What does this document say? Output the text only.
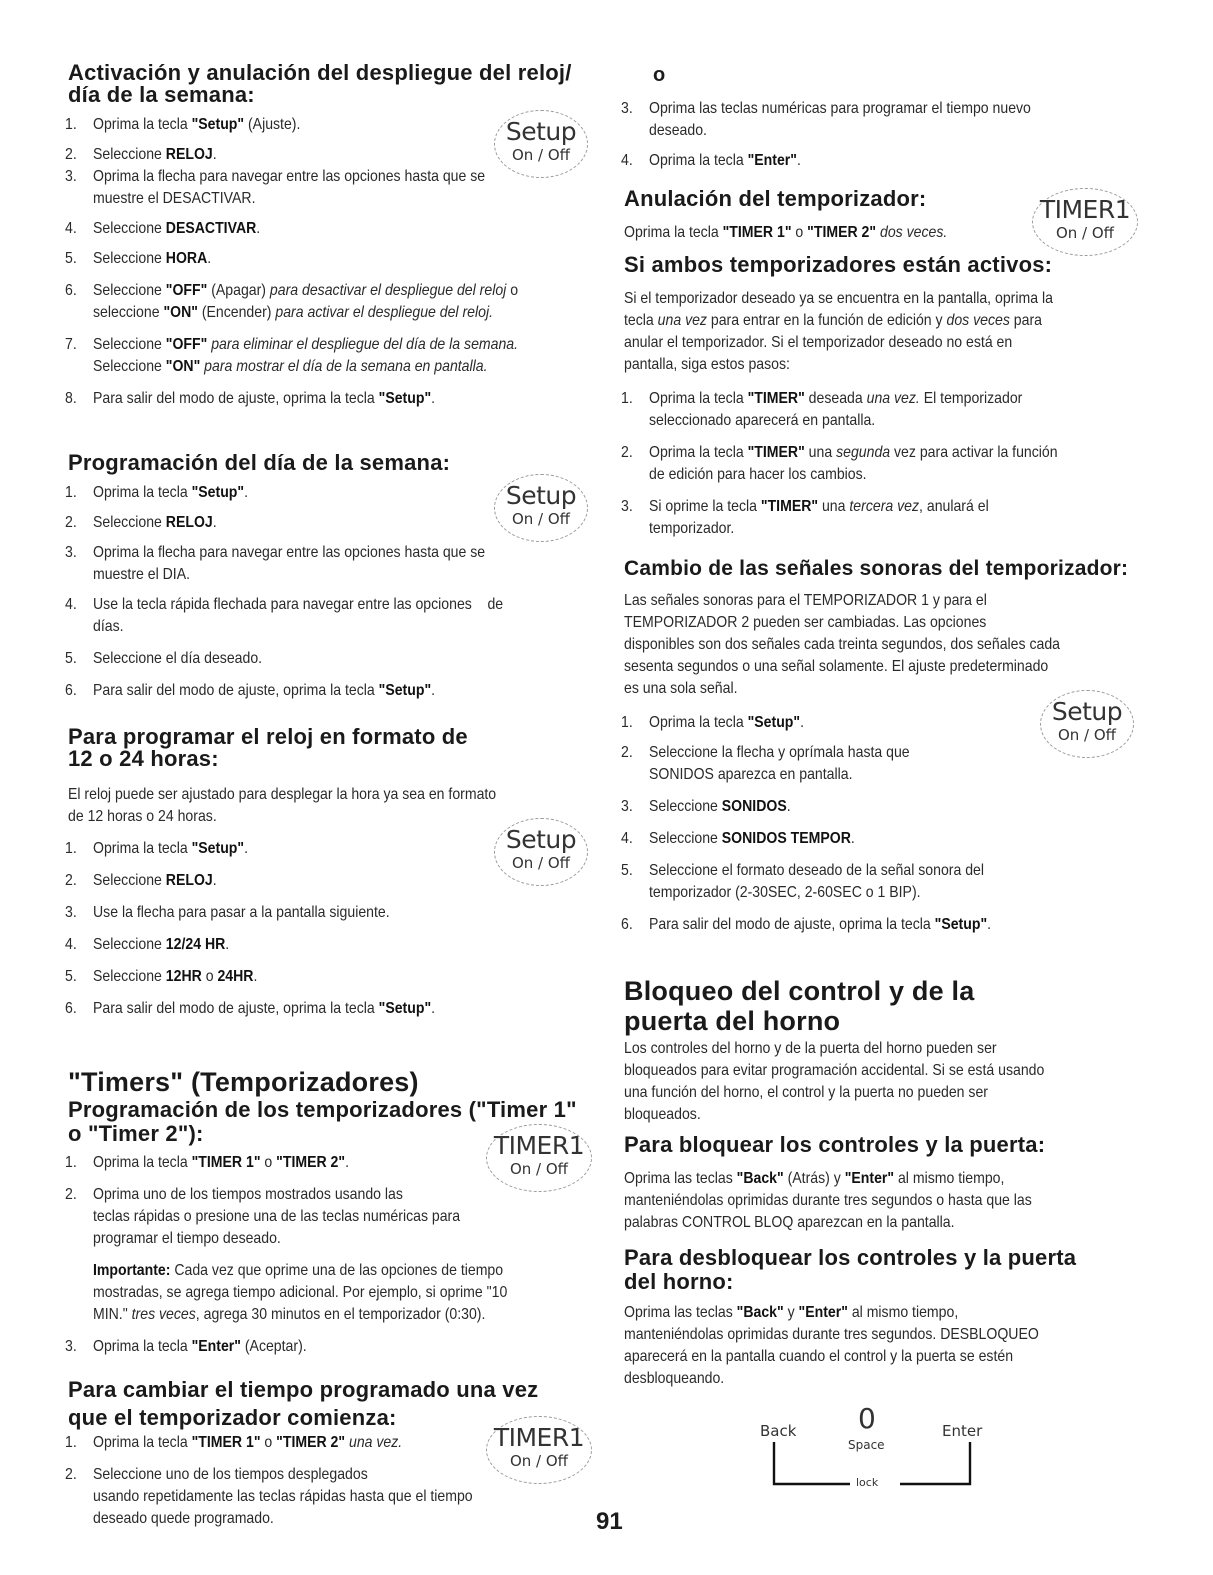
Activación y anulación del despliegue del reloj/
día de la semana:
1. Oprima la tecla "Setup" (Ajuste).
2. Seleccione RELOJ.
3. Oprima la flecha para navegar entre las opciones hasta que se
muestre el DESACTIVAR.
4. Seleccione DESACTIVAR.
5. Seleccione HORA.
6. Seleccione "OFF" (Apagar) para desactivar el despliegue del reloj o
seleccione "ON" (Encender) para activar el despliegue del reloj.
7. Seleccione "OFF" para eliminar el despliegue del día de la semana.
Seleccione "ON" para mostrar el día de la semana en pantalla.
8. Para salir del modo de ajuste, oprima la tecla "Setup".
Programación del día de la semana:
1. Oprima la tecla "Setup".
2. Seleccione RELOJ.
3. Oprima la flecha para navegar entre las opciones hasta que se
muestre el DIA.
4. Use la tecla rápida flechada para navegar entre las opciones    de
días.
5. Seleccione el día deseado.
6. Para salir del modo de ajuste, oprima la tecla "Setup".
Para programar el reloj en formato de
12 o 24 horas:
El reloj puede ser ajustado para desplegar la hora ya sea en formato
de 12 horas o 24 horas.
1. Oprima la tecla "Setup".
2. Seleccione RELOJ.
3. Use la flecha para pasar a la pantalla siguiente.
4. Seleccione 12/24 HR.
5. Seleccione 12HR o 24HR.
6. Para salir del modo de ajuste, oprima la tecla "Setup".
"Timers" (Temporizadores)
Programación de los temporizadores ("Timer 1"
o "Timer 2"):
1. Oprima la tecla "TIMER 1" o "TIMER 2".
2. Oprima uno de los tiempos mostrados usando las
teclas rápidas o presione una de las teclas numéricas para
programar el tiempo deseado.
Importante: Cada vez que oprime una de las opciones de tiempo
mostradas, se agrega tiempo adicional. Por ejemplo, si oprime "10
MIN." tres veces, agrega 30 minutos en el temporizador (0:30).
3. Oprima la tecla "Enter" (Aceptar).
Para cambiar el tiempo programado una vez
que el temporizador comienza:
1. Oprima la tecla "TIMER 1" o "TIMER 2" una vez.
2. Seleccione uno de los tiempos desplegados
usando repetidamente las teclas rápidas hasta que el tiempo
deseado quede programado.
Setup
On / Off
Setup
On / Off
Setup
On / Off
TIMER1
On / Off
TIMER1
On / Off
o
3. Oprima las teclas numéricas para programar el tiempo nuevo
deseado.
4. Oprima la tecla "Enter".
Anulación del temporizador:
Oprima la tecla "TIMER 1" o "TIMER 2" dos veces.
TIMER1
On / Off
Si ambos temporizadores están activos:
Si el temporizador deseado ya se encuentra en la pantalla, oprima la
tecla una vez para entrar en la función de edición y dos veces para
anular el temporizador. Si el temporizador deseado no está en
pantalla, siga estos pasos:
1. Oprima la tecla "TIMER" deseada una vez. El temporizador
seleccionado aparecerá en pantalla.
2. Oprima la tecla "TIMER" una segunda vez para activar la función
de edición para hacer los cambios.
3. Si oprime la tecla "TIMER" una tercera vez, anulará el
temporizador.
Cambio de las señales sonoras del temporizador:
Las señales sonoras para el TEMPORIZADOR 1 y para el
TEMPORIZADOR 2 pueden ser cambiadas. Las opciones
disponibles son dos señales cada treinta segundos, dos señales cada
sesenta segundos o una señal solamente. El ajuste predeterminado
es una sola señal.
1. Oprima la tecla "Setup".
2. Seleccione la flecha y oprímala hasta que
SONIDOS aparezca en pantalla.
3. Seleccione SONIDOS.
4. Seleccione SONIDOS TEMPOR.
5. Seleccione el formato deseado de la señal sonora del
temporizador (2-30SEC, 2-60SEC o 1 BIP).
6. Para salir del modo de ajuste, oprima la tecla "Setup".
Setup
On / Off
Bloqueo del control y de la
puerta del horno
Los controles del horno y de la puerta del horno pueden ser
bloqueados para evitar programación accidental. Si se está usando
una función del horno, el control y la puerta no pueden ser
bloqueados.
Para bloquear los controles y la puerta:
Oprima las teclas "Back" (Atrás) y "Enter" al mismo tiempo,
manteniéndolas oprimidas durante tres segundos o hasta que las
palabras CONTROL BLOQ aparezcan en la pantalla.
Para desbloquear los controles y la puerta
del horno:
Oprima las teclas "Back" y "Enter" al mismo tiempo,
manteniéndolas oprimidas durante tres segundos. DESBLOQUEO
aparecerá en la pantalla cuando el control y la puerta se estén
desbloqueando.
Back 0
Space
Enter
lock
91
